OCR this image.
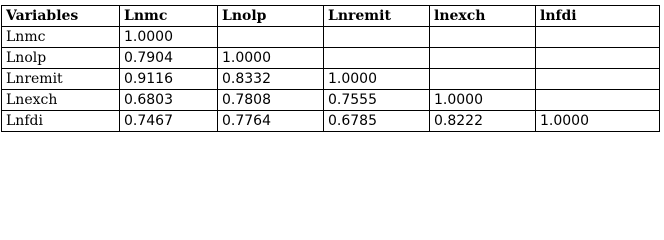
Variables	Lnmc	Lnolp	Lnremit	lnexch	lnfdi
Lnmc	1.0000				
Lnolp	0.7904	1.0000			
Lnremit	0.9116	0.8332	1.0000		
Lnexch	0.6803	0.7808	0.7555	1.0000	
Lnfdi	0.7467	0.7764	0.6785	0.8222	1.0000
